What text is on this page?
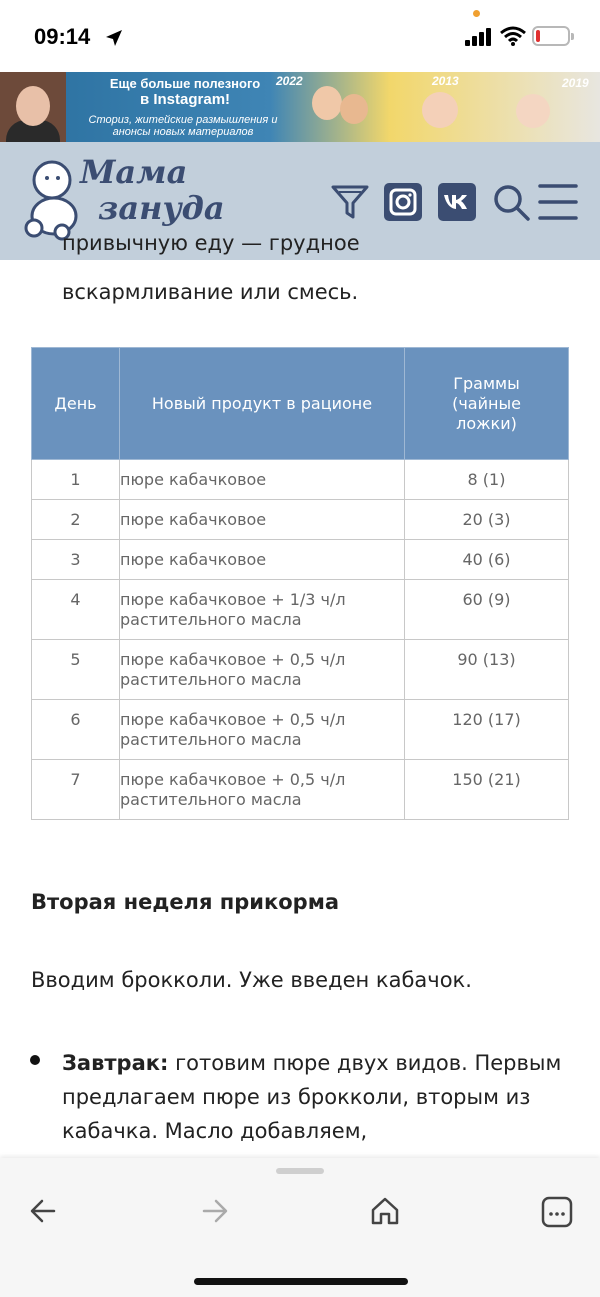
09:14
Еще больше полезного
в Instagram!
Сториз, житейские размышления и анонсы новых материалов
2022	2013	2019
Мама
зануда
привычную еду — грудное
вскармливание или смесь.
День	Новый продукт в рационе	Граммы (чайные ложки)

1	пюре кабачковое	8 (1)
2	пюре кабачковое	20 (3)
3	пюре кабачковое	40 (6)
4	пюре кабачковое + 1/3 ч/л
растительного масла	60 (9)
5	пюре кабачковое + 0,5 ч/л
растительного масла	90 (13)
6	пюре кабачковое + 0,5 ч/л
растительного масла	120 (17)
7	пюре кабачковое + 0,5 ч/л
растительного масла	150 (21)
Вторая неделя прикорма
Вводим брокколи. Уже введен кабачок.
Завтрак: готовим пюре двух видов. Первым предлагаем пюре из брокколи, вторым из кабачка. Масло добавляем,
